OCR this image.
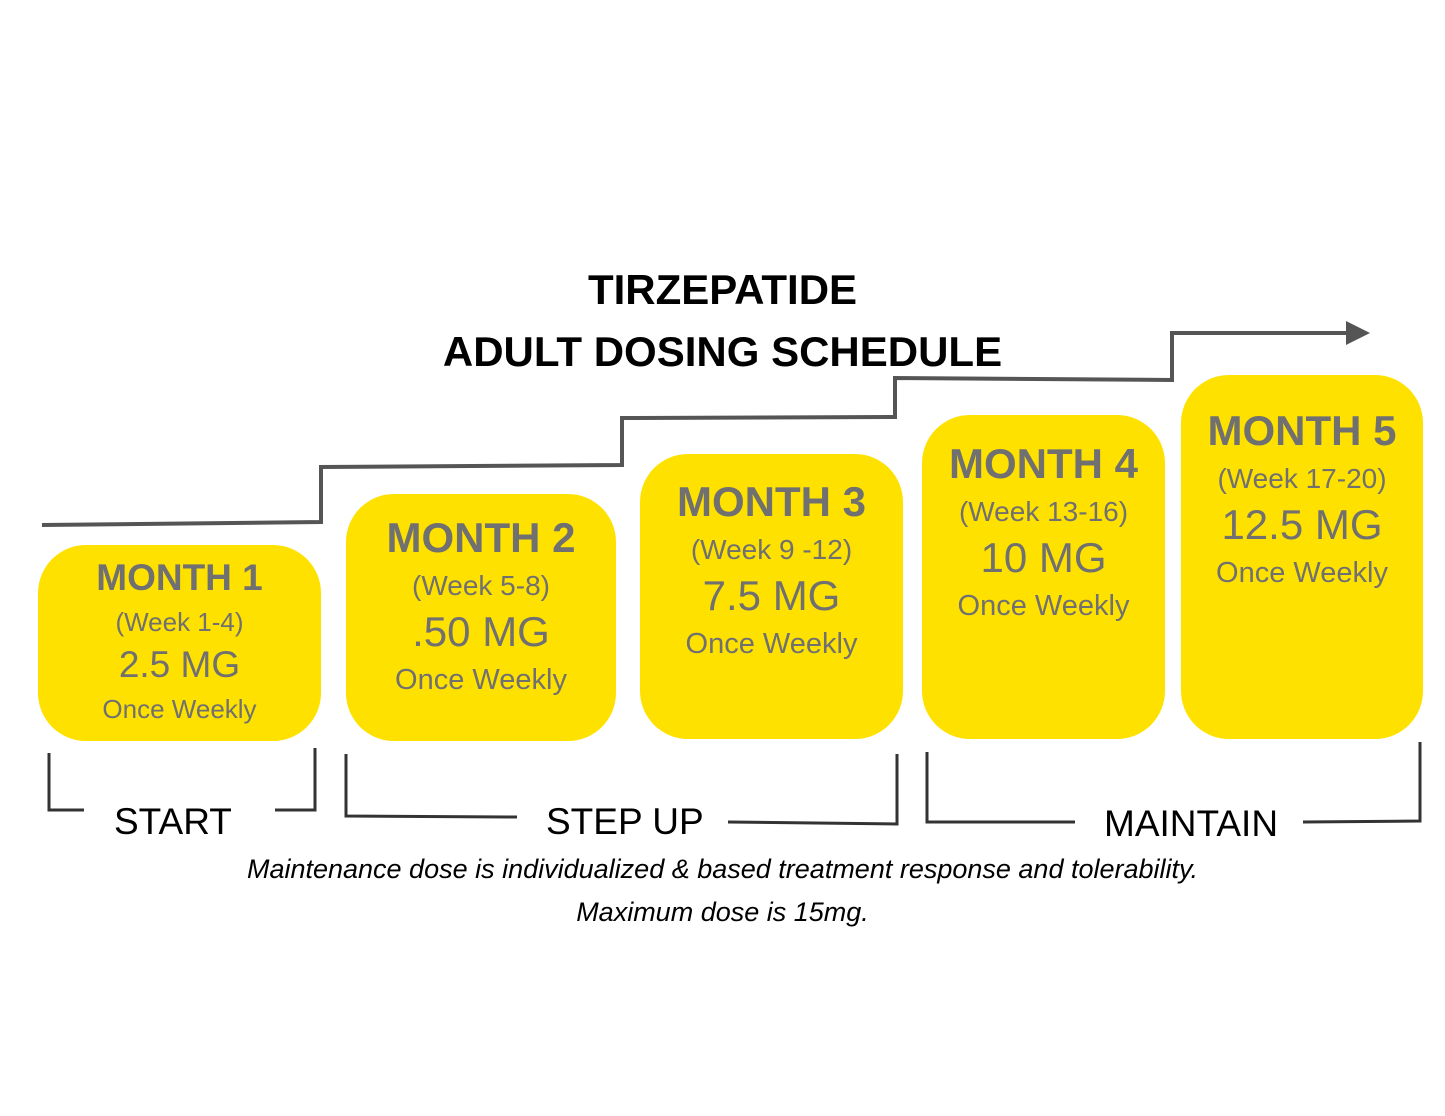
TIRZEPATIDE
ADULT DOSING SCHEDULE
MONTH 1
(Week 1-4)
2.5 MG
Once Weekly
MONTH 2
(Week 5-8)
.50 MG
Once Weekly
MONTH 3
(Week 9 -12)
7.5 MG
Once Weekly
MONTH 4
(Week 13-16)
10 MG
Once Weekly
MONTH 5
(Week 17-20)
12.5 MG
Once Weekly
START	STEP UP	MAINTAIN
Maintenance dose is individualized & based treatment response and tolerability.
Maximum dose is 15mg.
